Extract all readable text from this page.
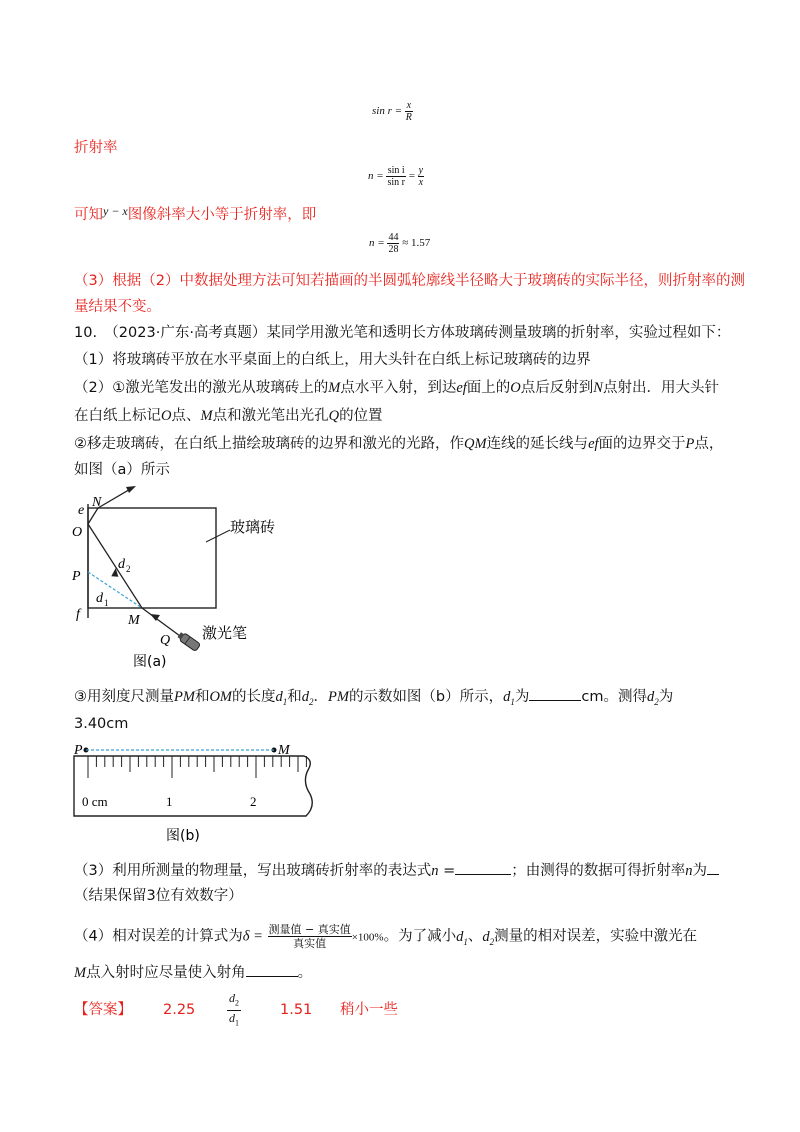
$\sin r = \frac{x}{R}$
折射率
$n = \frac{\text{sin i}}{\text{sin r}} = \frac{y}{x}$
可知$^{y - x}$图像斜率大小等于折射率，即
$n = \frac{44}{28} \approx 1.57$
（3）根据（2）中数据处理方法可知若描画的半圆弧轮廓线半径略大于玻璃砖的实际半径，则折射率的测
量结果不变。
10.　（2023·广东·高考真题）某同学用激光笔和透明长方体玻璃砖测量玻璃的折射率，实验过程如下：
（1）将玻璃砖平放在水平桌面上的白纸上，用大头针在白纸上标记玻璃砖的边界
（2）①激光笔发出的激光从玻璃砖上的M点水平入射，到达ef面上的O点后反射到N点射出．用大头针
在白纸上标记O点、M点和激光笔出光孔Q的位置
②移走玻璃砖，在白纸上描绘玻璃砖的边界和激光的光路，作QM连线的延长线与ef面的边界交于P点，
如图（a）所示
e
N
O
P
f	M
Q
d 2
d 1
玻璃砖
激光笔
图(a)
③用刻度尺测量PM和OM的长度$d_1$和$d_2$．PM的示数如图（b）所示，$d_1$为	cm。测得$d_2$为
3.40cm
P	M
0 cm	1	2
图(b)
（3）利用所测量的物理量，写出玻璃砖折射率的表达式n =	；由测得的数据可得折射率n为
（结果保留3位有效数字）
（4）相对误差的计算式为$\delta = \frac{\text{测量值 − 真实值}}{\text{真实值}} \times 100\%$。为了减小$d_1$、$d_2$测量的相对误差，实验中激光在
M点入射时应尽量使入射角	。
【答案】 2.25
$d_2$
$d_1$
1.51 稍小一些
